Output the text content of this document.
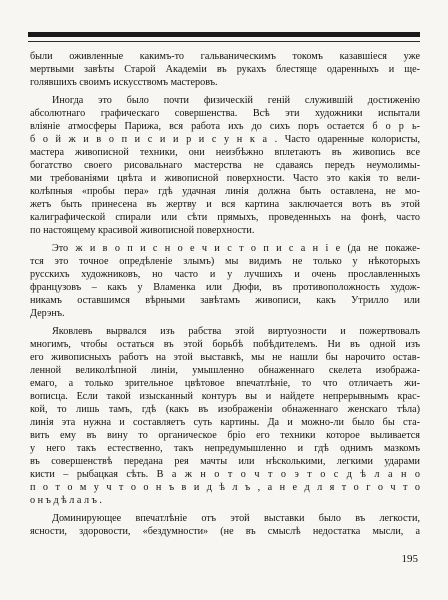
были оживленные какимъ-то гальваническимъ токомъ казавшіеся уже
мертвыми завѣты Старой Академіи въ рукахъ блестяще одаренныхъ и ще-
голявшихъ своимъ искусствомъ мастеровъ.

Иногда это было почти физическій геній служившій достиженію
абсолютнаго графическаго совершенства. Всѣ эти художники испытали
вліяніе атмосферы Парижа, вся работа ихъ до сихъ поръ остается б о р ь-
б о й ж и в о п и с и и р и с у н к а . Часто одаренные колористы,
мастера живописной техники, они неизбѣжно вплетаютъ въ живопись все
богатство своего рисовальнаго мастерства не сдаваясь передъ неумолимы-
ми требованіями цвѣта и живописной поверхности. Часто это какія то вели-
колѣпныя «пробы пера» гдѣ удачная линія должна быть оставлена, не мо-
жетъ быть принесена въ жертву и вся картина заключается вотъ въ этой
калиграфической спирали или сѣти прямыхъ, проведенныхъ на фонѣ, часто
по настоящему красивой живописной поверхности.

Это ж и в о п и с н о е ч и с т о п и с а н і е (да не покаже-
тся это точное опредѣленіе злымъ) мы видимъ не только у нѣкоторыхъ
русскихъ художниковъ, но часто и у лучшихъ и очень прославленныхъ
французовъ – какъ у Вламенка или Дюфи, въ противоположность худож-
никамъ оставшимся вѣрными завѣтамъ живописи, какъ Утрилло или
Дерэнъ.

Яковлевъ вырвался изъ рабства этой виртуозности и пожертвовалъ
многимъ, чтобы остаться въ этой борьбѣ побѣдителемъ. Ни въ одной изъ
его живописныхъ работъ на этой выставкѣ, мы не нашли бы нарочито остав-
ленной великолѣпной линіи, умышленно обнаженнаго скелета изобража-
емаго, а только зрительное цвѣтовое впечатлѣніе, то что отличаетъ жи-
вописца. Если такой изысканный контуръ вы и найдете непрерывнымъ крас-
кой, то лишь тамъ, гдѣ (какъ въ изображеніи обнаженнаго женскаго тѣла)
линія эта нужна и составляетъ суть картины. Да и можно-ли было бы ста-
вить ему въ вину то органическое бріо его техники которое выливается
у него такъ естественно, такъ непредумышленно и гдѣ однимъ мазкомъ
въ совершенствѣ передана рея мачты или нѣсколькими, легкими ударами
кисти – рыбацкая сѣть. В а ж н о т о ч т о э т о с д ѣ л а н о
п о т о м у ч т о о н ъ в и д ѣ л ъ , а н е д л я т о г о ч т о
о н ъ д ѣ л а л ъ .

Доминирующее впечатлѣніе отъ этой выставки было въ легкости,
ясности, здоровости, «бездумности» (не въ смыслѣ недостатка мысли, а

195
